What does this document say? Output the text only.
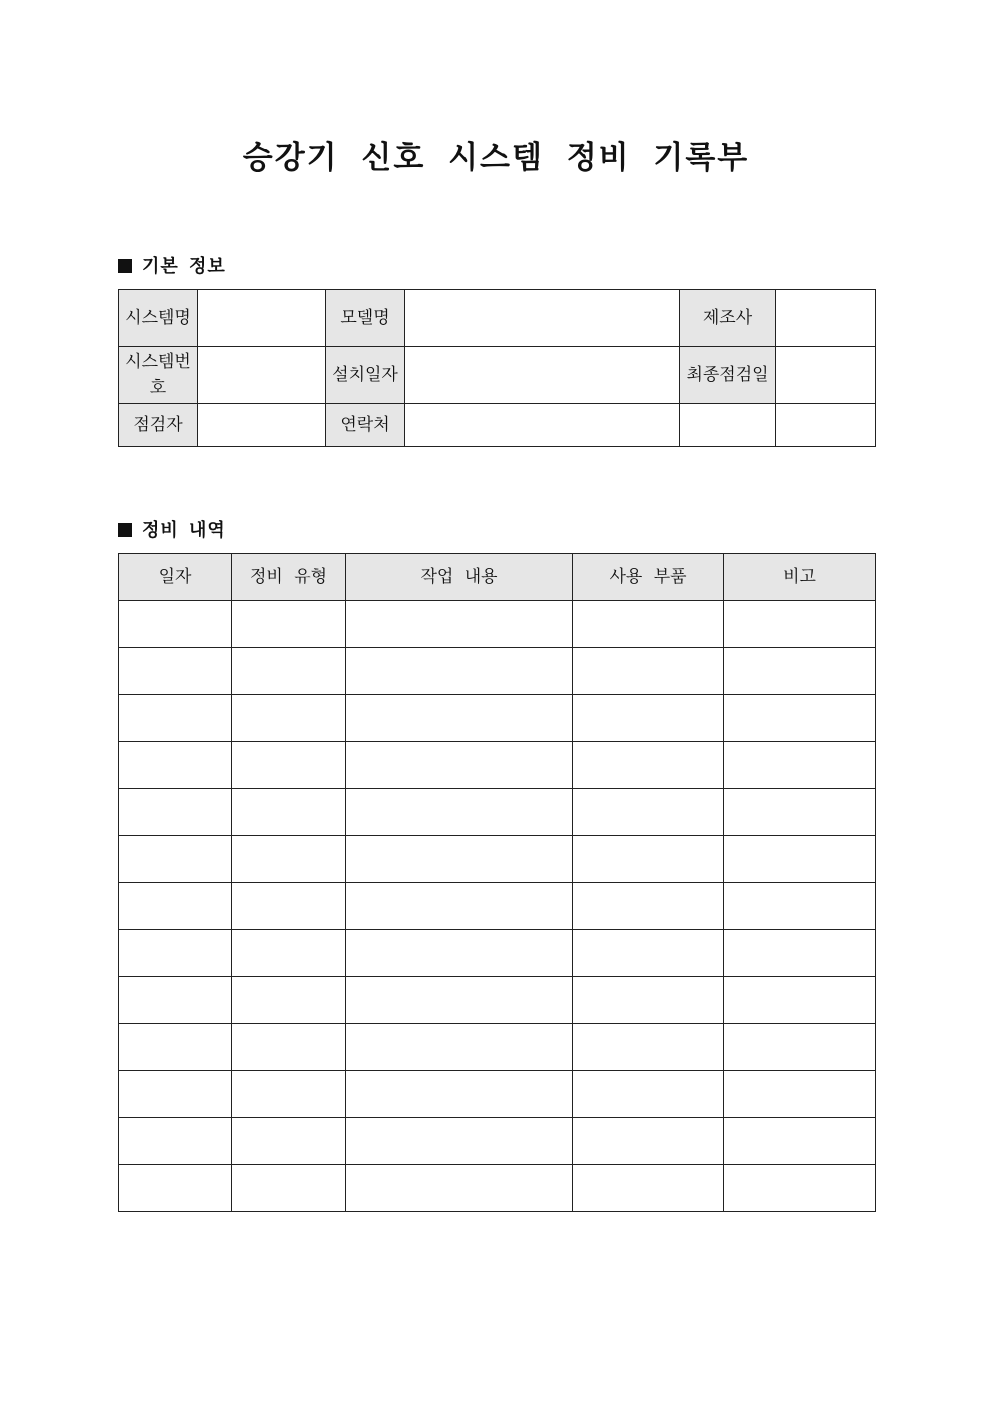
승강기 신호 시스템 정비 기록부
기본 정보
시스템명		모델명		제조사	
시스템번호		설치일자		최종점검일	
점검자		연락처			
정비 내역
일자	정비 유형	작업 내용	사용 부품	비고
